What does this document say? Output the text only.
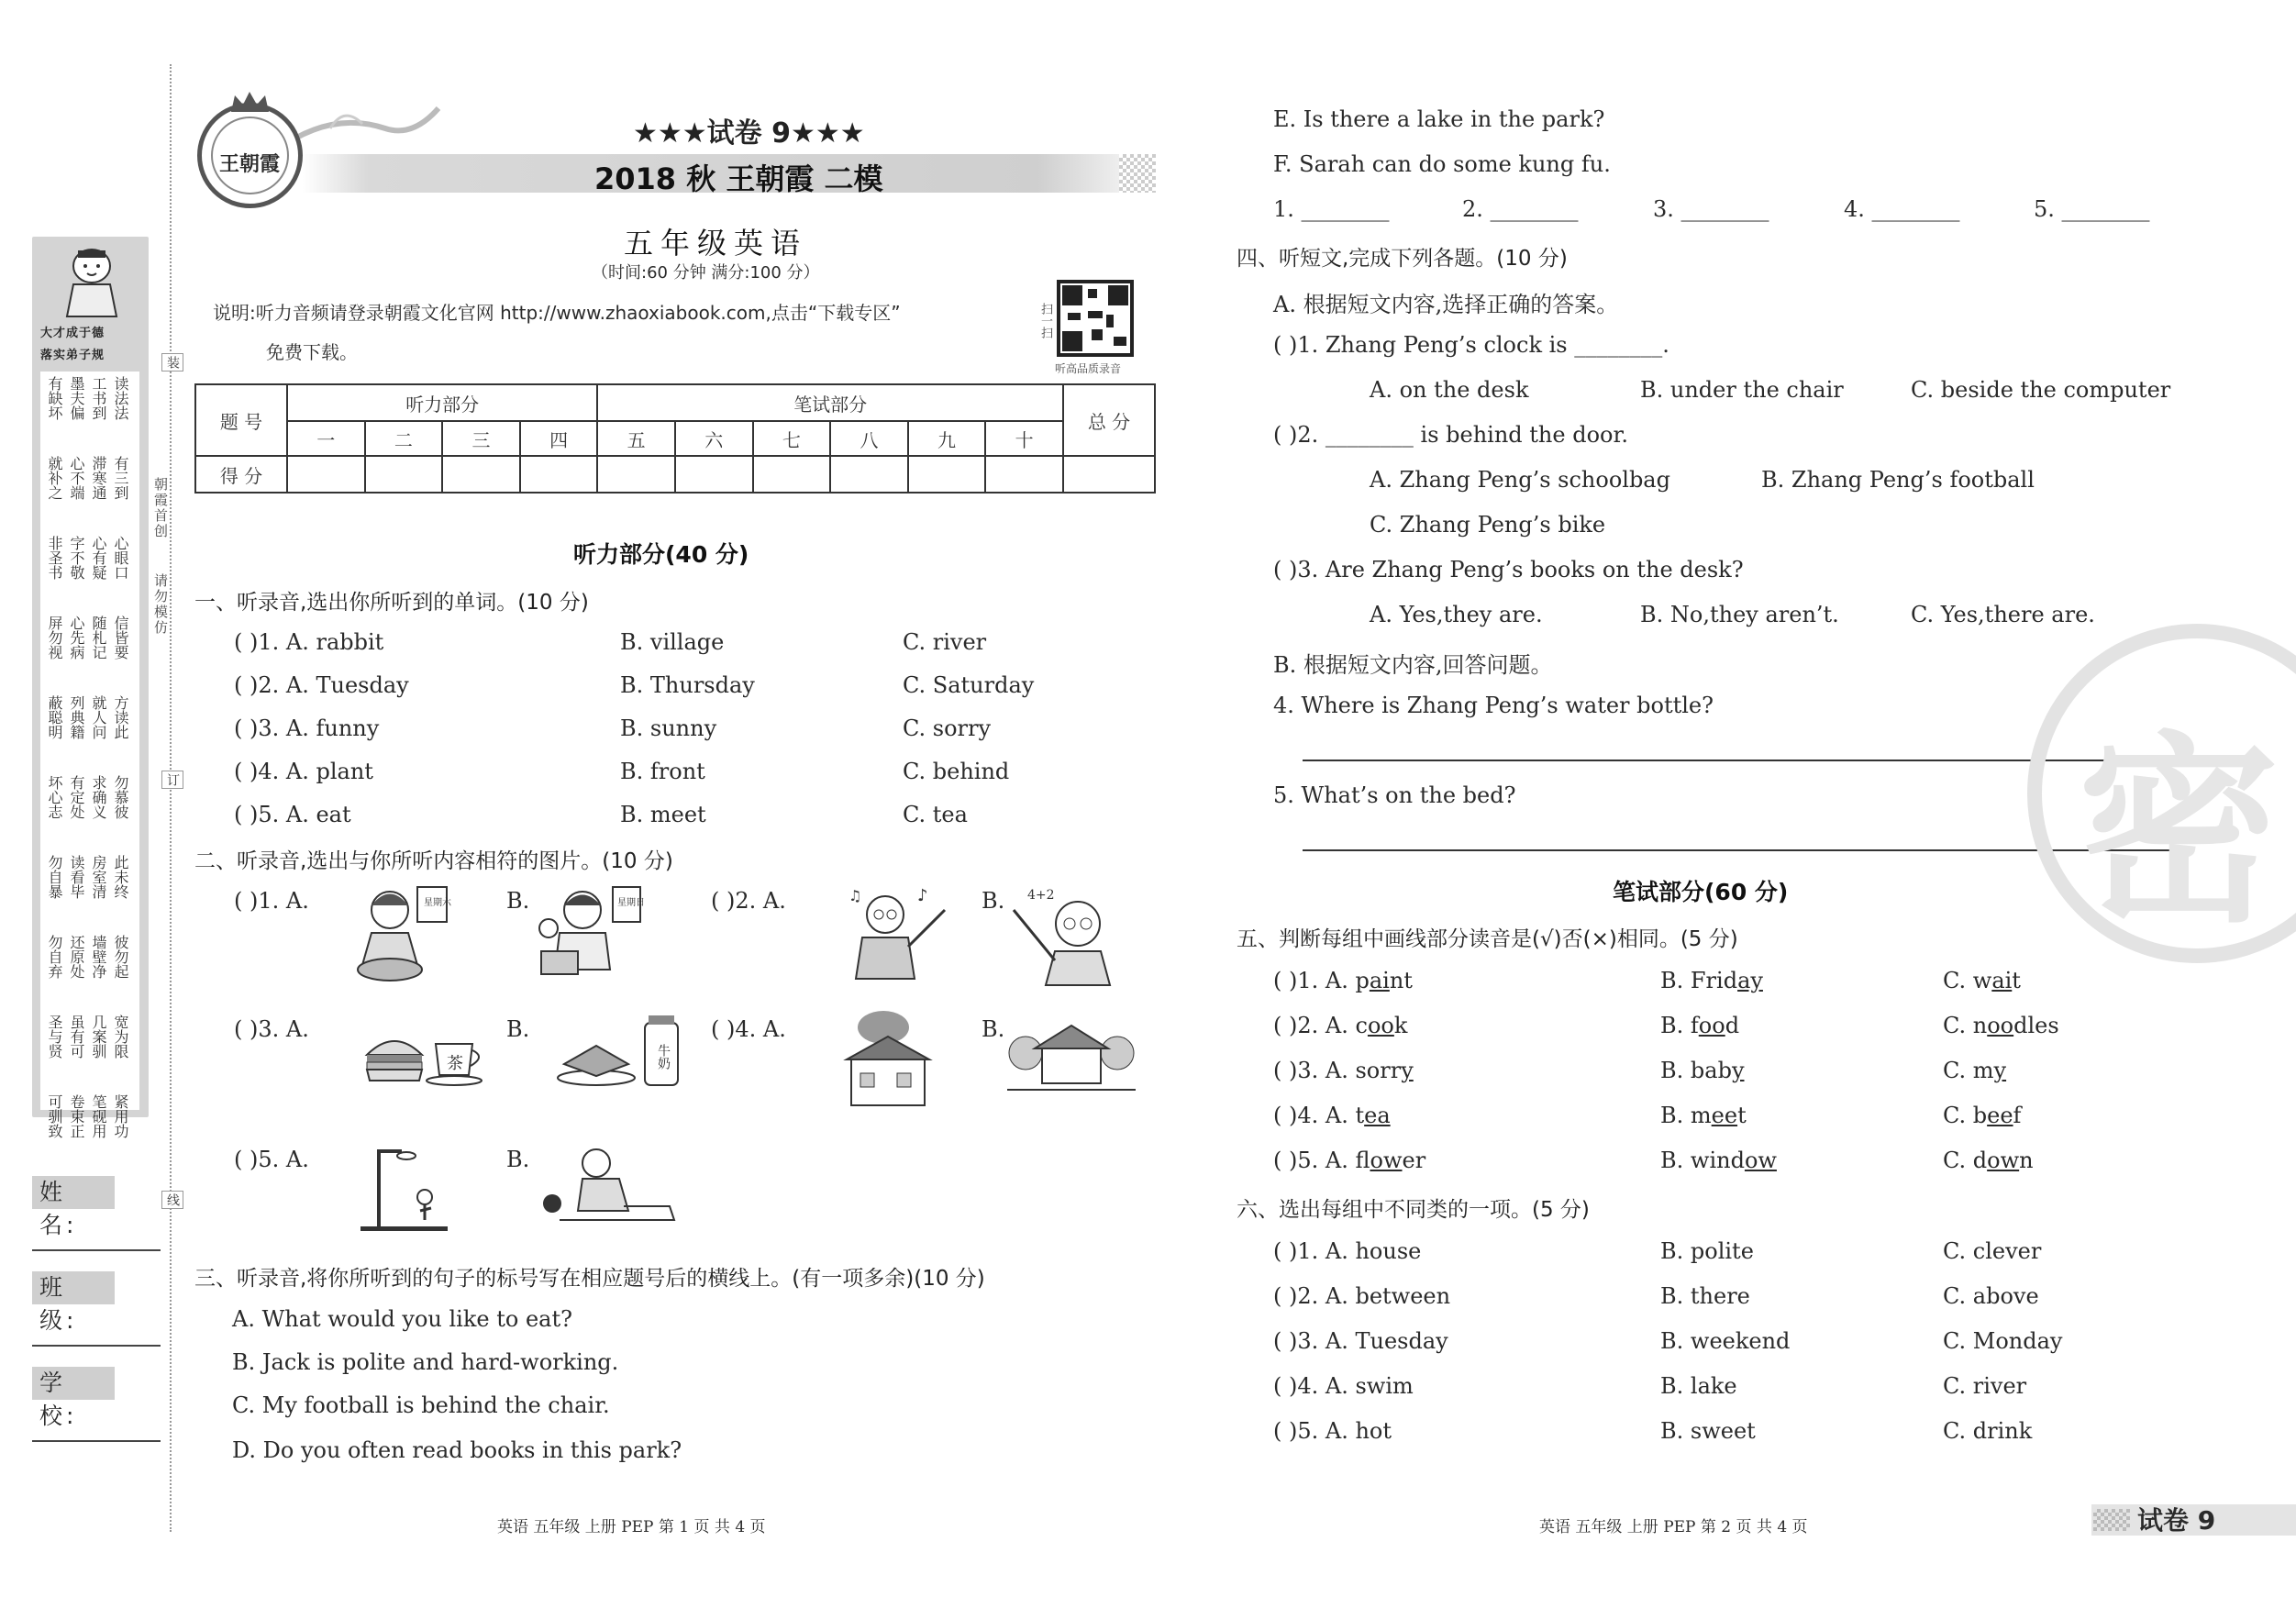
大才成于德
落实弟子规
有缺坏 墨夫偏 工书到 读法法
就补之 心不端 滞寒通 有三到
非圣书 字不敬 心有疑 心眼口
屏勿视 心先病 随札记 信皆要
蔽聪明 列典籍 就人问 方读此
坏心志 有定处 求确义 勿慕彼
勿自暴 读看毕 房室清 此未终
勿自弃 还原处 墙壁净 彼勿起
圣与贤 虽有可 几案驯 宽为限
可驯致 卷束正 笔砚用 紧用功
装
订
线
朝霞首创
请勿模仿
姓 名:
班 级:
学 校:
王朝霞
★★★试卷 9★★★
2018 秋 王朝霞 二模
五年级英语
（时间:60 分钟 满分:100 分）
说明:听力音频请登录朝霞文化官网 http://www.zhaoxiabook.com,点击“下载专区”
免费下载。
扫一扫
听高品质录音
题 号	听力部分				笔试部分						总 分
	一	二	三	四	五	六	七	八	九	十	
得 分											
听力部分(40 分)
一、听录音,选出你所听到的单词。(10 分)
( )1. A. rabbit	B. village	C. river
( )2. A. Tuesday	B. Thursday	C. Saturday
( )3. A. funny	B. sunny	C. sorry
( )4. A. plant	B. front	C. behind
( )5. A. eat	B. meet	C. tea
二、听录音,选出与你所听内容相符的图片。(10 分)
( )1. A.	B.	( )2. A.	B.
( )3. A.	B.	( )4. A.	B.
( )5. A.	B.
星期六	星期日	♪
♫	4+2
茶	牛奶
三、听录音,将你所听到的句子的标号写在相应题号后的横线上。(有一项多余)(10 分)
A. What would you like to eat?
B. Jack is polite and hard-working.
C. My football is behind the chair.
D. Do you often read books in this park?
E. Is there a lake in the park?
F. Sarah can do some kung fu.
1. ________	2. ________	3. ________	4. ________	5. ________
四、听短文,完成下列各题。(10 分)
A. 根据短文内容,选择正确的答案。
( )1. Zhang Peng’s clock is ________.
A. on the desk	B. under the chair	C. beside the computer
( )2. ________ is behind the door.
A. Zhang Peng’s schoolbag	B. Zhang Peng’s football
C. Zhang Peng’s bike
( )3. Are Zhang Peng’s books on the desk?
A. Yes,they are.	B. No,they aren’t.	C. Yes,there are.
B. 根据短文内容,回答问题。
4. Where is Zhang Peng’s water bottle?
5. What’s on the bed?
笔试部分(60 分)
五、判断每组中画线部分读音是(√)否(×)相同。(5 分)
( )1. A. paint	B. Friday	C. wait
( )2. A. cook	B. food	C. noodles
( )3. A. sorry	B. baby	C. my
( )4. A. tea	B. meet	C. beef
( )5. A. flower	B. window	C. down
六、选出每组中不同类的一项。(5 分)
( )1. A. house	B. polite	C. clever
( )2. A. between	B. there	C. above
( )3. A. Tuesday	B. weekend	C. Monday
( )4. A. swim	B. lake	C. river
( )5. A. hot	B. sweet	C. drink
密
英语 五年级 上册 PEP 第 1 页 共 4 页	英语 五年级 上册 PEP 第 2 页 共 4 页	试卷 9
